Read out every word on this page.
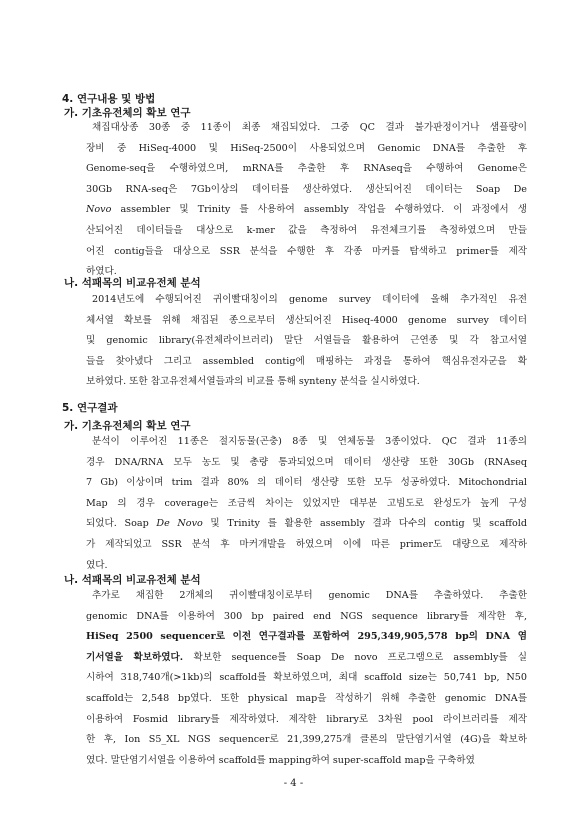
4. 연구내용 및 방법
가. 기초유전체의 확보 연구
채집대상종 30종 중 11종이 최종 채집되었다. 그중 QC 결과 불가판정이거나 샘플량이
장비 중 HiSeq-4000 및 HiSeq-2500이 사용되었으며 Genomic DNA를 추출한 후
Genome-seq을 수행하였으며, mRNA를 추출한 후 RNAseq을 수행하여 Genome은
30Gb RNA-seq은 7Gb이상의 데이터를 생산하였다. 생산되어진 데이터는 Soap De
Novo assembler 및 Trinity 를 사용하여 assembly 작업을 수행하였다. 이 과정에서 생
산되어진 데이터들을 대상으로 k-mer 값을 측정하여 유전체크기를 측정하였으며 만들
어진 contig들을 대상으로 SSR 분석을 수행한 후 각종 마커를 탐색하고 primer를 제작
하였다.
나. 석패목의 비교유전체 분석
2014년도에 수행되어진 귀이빨대칭이의 genome survey 데이터에 올해 추가적인 유전
체서열 확보를 위해 채집된 종으로부터 생산되어진 Hiseq-4000 genome survey 데이터
및 genomic library(유전체라이브러리) 말단 서열들을 활용하여 근연종 및 각 참고서열
들을 찾아냈다 그리고 assembled contig에 매핑하는 과정을 통하여 핵심유전자군을 확
보하였다. 또한 참고유전체서열들과의 비교를 통해 synteny 분석을 실시하였다.
5. 연구결과
가. 기초유전체의 확보 연구
분석이 이루어진 11종은 절지동물(곤충) 8종 및 연체동물 3종이었다. QC 결과 11종의
경우 DNA/RNA 모두 농도 및 총량 통과되었으며 데이터 생산량 또한 30Gb (RNAseq
7 Gb) 이상이며 trim 결과 80% 의 데이터 생산량 또한 모두 성공하였다. Mitochondrial
Map 의 경우 coverage는 조금씩 차이는 있었지만 대부분 고빔도로 완성도가 높게 구성
되었다. Soap De Novo 및 Trinity 를 활용한 assembly 결과 다수의 contig 및 scaffold
가 제작되었고 SSR 분석 후 마커개발을 하였으며 이에 따른 primer도 대량으로 제작하
였다.
나. 석패목의 비교유전체 분석
추가로 채집한 2개체의 귀이빨대칭이로부터 genomic DNA를 추출하였다. 추출한
genomic DNA를 이용하여 300 bp paired end NGS sequence library를 제작한 후,
HiSeq 2500 sequencer로 이전 연구결과를 포함하여 295,349,905,578 bp의 DNA 염
기서열을 확보하였다. 확보한 sequence를 Soap De novo 프로그램으로 assembly를 실
시하여 318,740개(>1kb)의 scaffold를 확보하였으며, 최대 scaffold size는 50,741 bp, N50
scaffold는 2,548 bp였다. 또한 physical map을 작성하기 위해 추출한 genomic DNA를
이용하여 Fosmid library를 제작하였다. 제작한 library로 3차원 pool 라이브러리를 제작
한 후, Ion S5_XL NGS sequencer로 21,399,275개 클론의 말단염기서열 (4G)을 확보하
였다. 말단염기서열을 이용하여 scaffold를 mapping하여 super-scaffold map을 구축하였
- 4 -
